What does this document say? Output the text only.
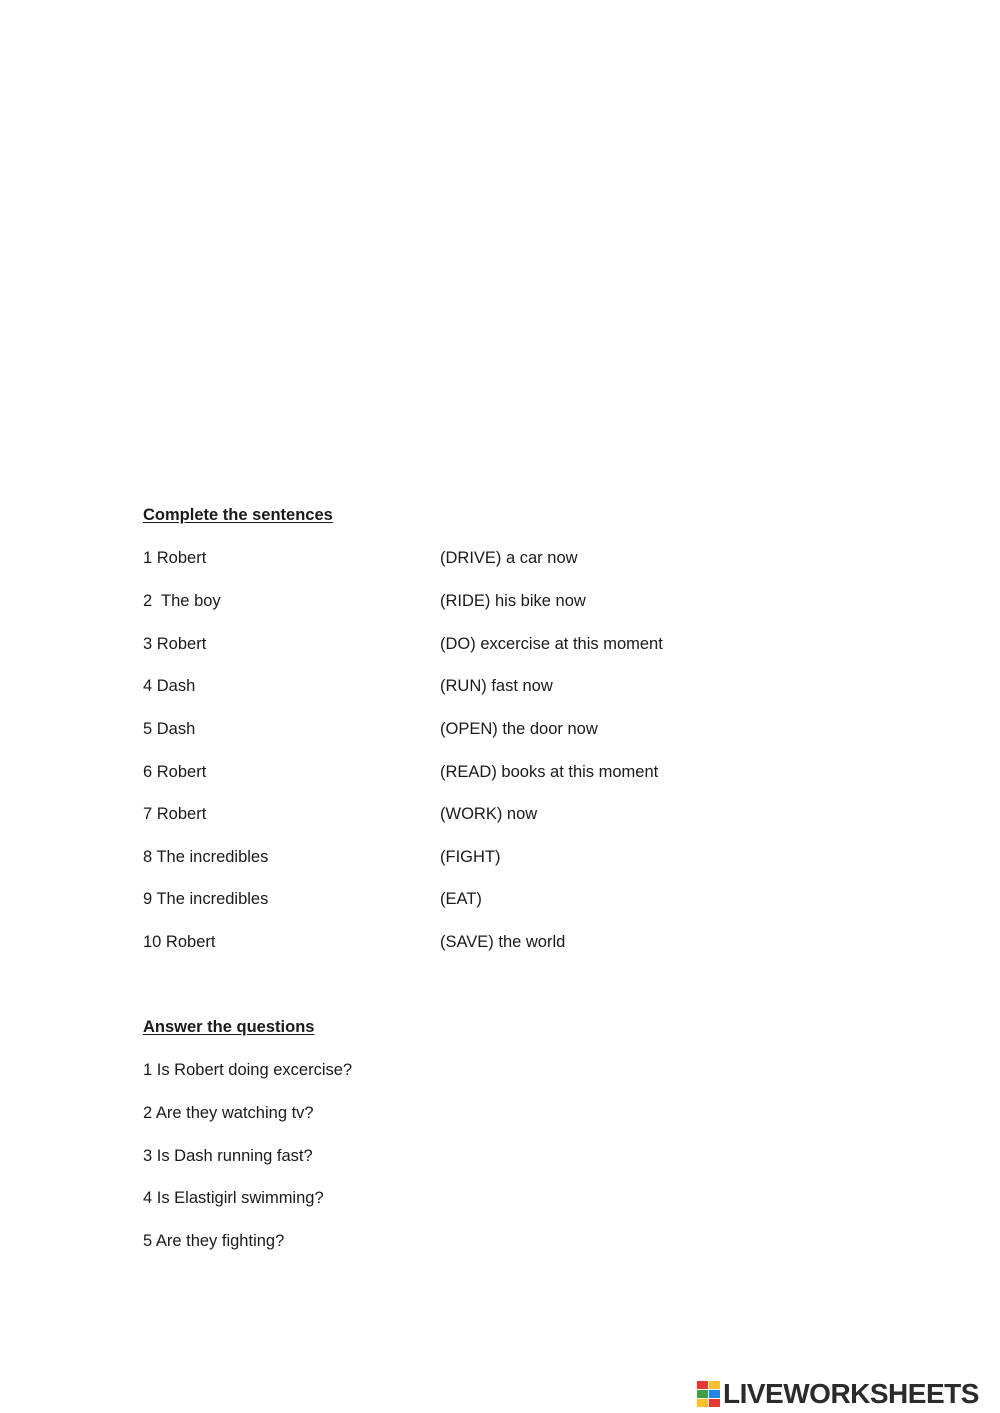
Complete the sentences
1 Robert	(DRIVE) a car now
2  The boy	(RIDE) his bike now
3 Robert	(DO) excercise at this moment
4 Dash	(RUN) fast now
5 Dash	(OPEN) the door now
6 Robert	(READ) books at this moment
7 Robert	(WORK) now
8 The incredibles	(FIGHT)
9 The incredibles	(EAT)
10 Robert	(SAVE) the world
Answer the questions
1 Is Robert doing excercise?
2 Are they watching tv?
3 Is Dash running fast?
4 Is Elastigirl swimming?
5 Are they fighting?
LIVEWORKSHEETS
